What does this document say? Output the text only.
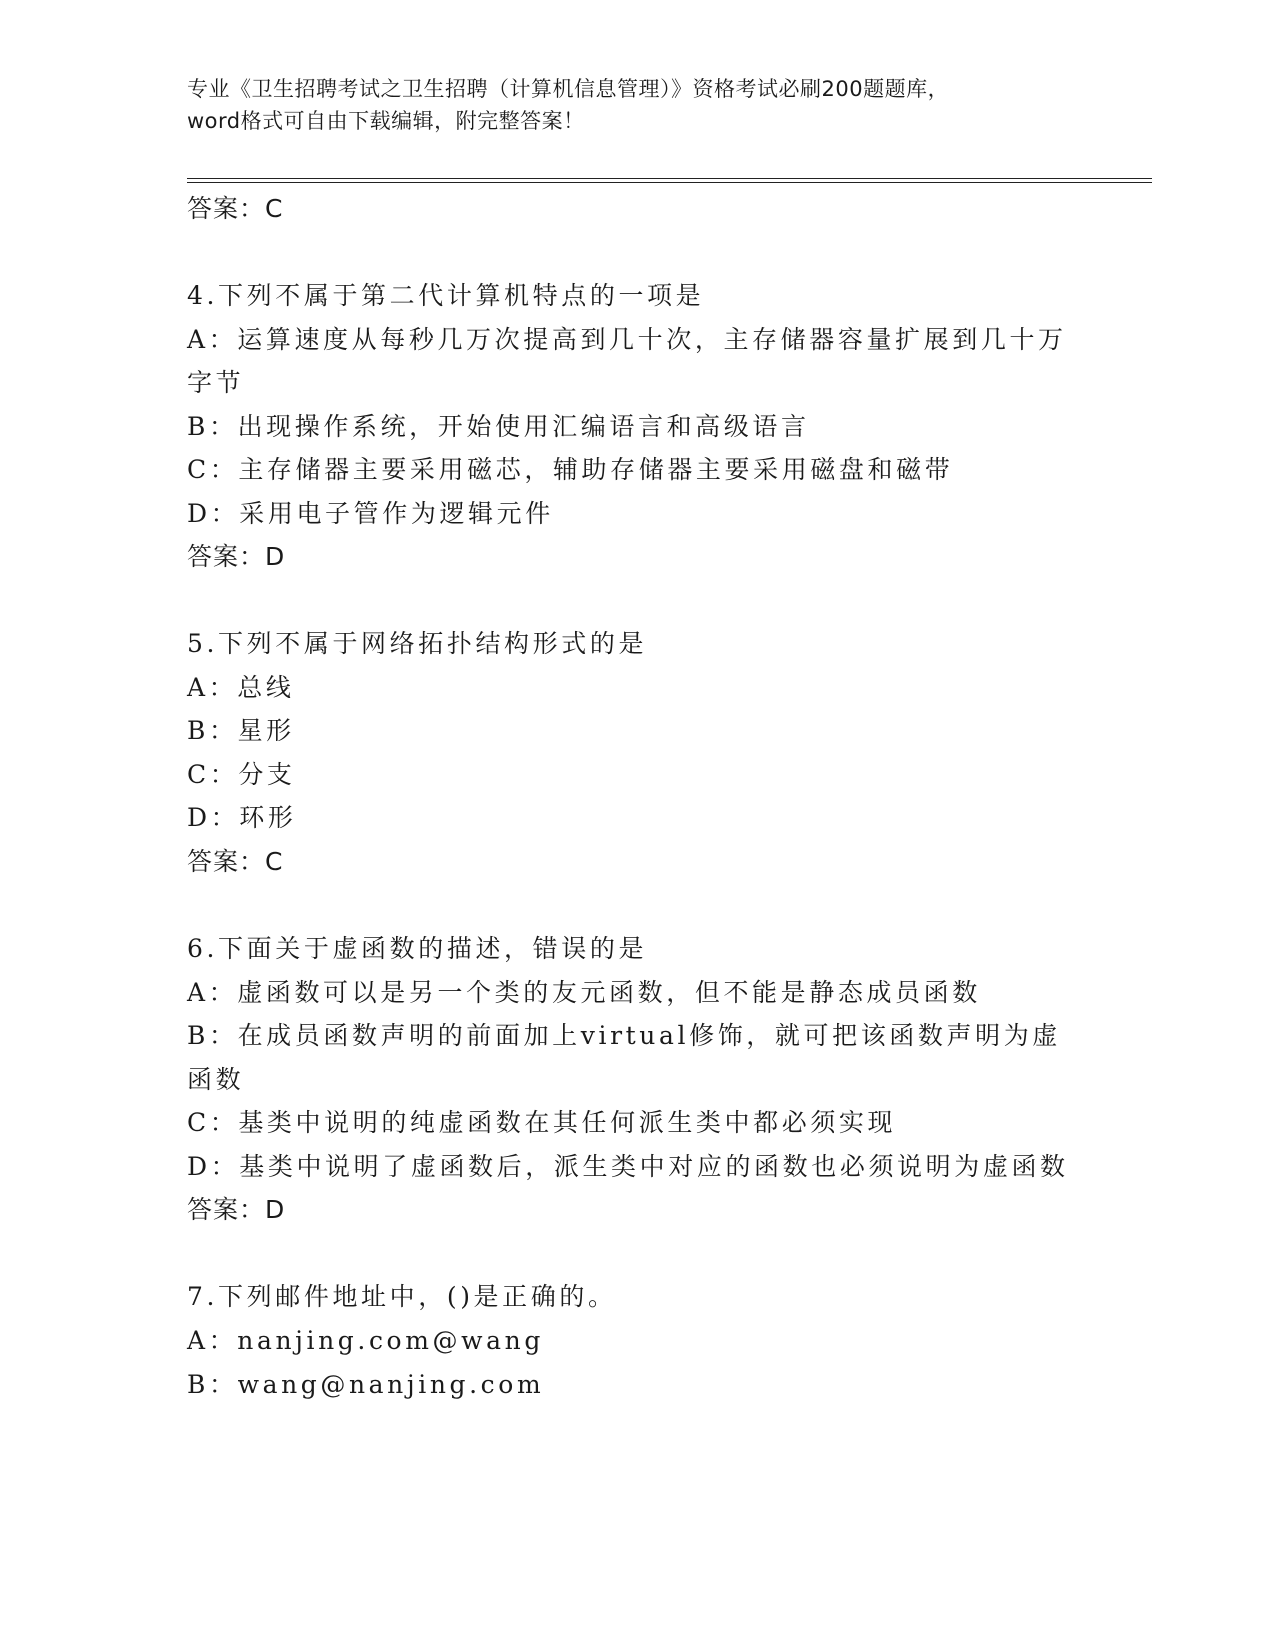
专业《卫生招聘考试之卫生招聘（计算机信息管理）》资格考试必刷200题题库，
word格式可自由下载编辑，附完整答案！
答案：C
4.下列不属于第二代计算机特点的一项是
A：运算速度从每秒几万次提高到几十次，主存储器容量扩展到几十万
字节
B：出现操作系统，开始使用汇编语言和高级语言
C：主存储器主要采用磁芯，辅助存储器主要采用磁盘和磁带
D：采用电子管作为逻辑元件
答案：D
5.下列不属于网络拓扑结构形式的是
A：总线
B：星形
C：分支
D：环形
答案：C
6.下面关于虚函数的描述，错误的是
A：虚函数可以是另一个类的友元函数，但不能是静态成员函数
B：在成员函数声明的前面加上virtual修饰，就可把该函数声明为虚
函数
C：基类中说明的纯虚函数在其任何派生类中都必须实现
D：基类中说明了虚函数后，派生类中对应的函数也必须说明为虚函数
答案：D
7.下列邮件地址中，()是正确的。
A：nanjing.com@wang
B：wang@nanjing.com
